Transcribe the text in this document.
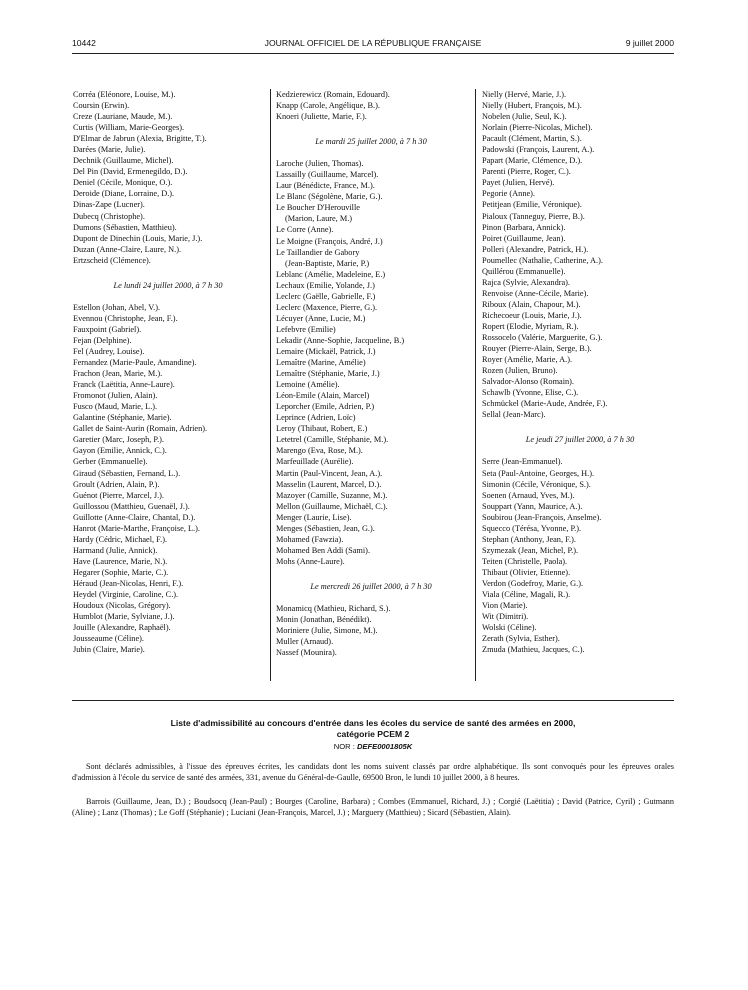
10442	JOURNAL OFFICIEL DE LA RÉPUBLIQUE FRANÇAISE	9 juillet 2000
Corréa (Eléonore, Louise, M.).
Coursin (Erwin).
Creze (Lauriane, Maude, M.).
Curtis (William, Marie-Georges).
D'Elmar de Jabrun (Alexia, Brigitte, T.).
Darées (Marie, Julie).
Dechnik (Guillaume, Michel).
Del Pin (David, Ermenegildo, D.).
Deniel (Cécile, Monique, O.).
Deroide (Diane, Lorraine, D.).
Dinas-Zape (Lucner).
Dubecq (Christophe).
Dumons (Sébastien, Matthieu).
Dupont de Dinechin (Louis, Marie, J.).
Duzan (Anne-Claire, Laure, N.).
Ertzscheid (Clémence).
Le lundi 24 juillet 2000, à 7 h 30
Estellon (Johan, Abel, V.).
Evennou (Christophe, Jean, F.).
Fauxpoint (Gabriel).
Fejan (Delphine).
Fel (Audrey, Louise).
Fernandez (Marie-Paule, Amandine).
Frachon (Jean, Marie, M.).
Franck (Laëtitia, Anne-Laure).
Fromonot (Julien, Alain).
Fusco (Maud, Marie, L.).
Galantine (Stéphanie, Marie).
Gallet de Saint-Aurin (Romain, Adrien).
Garetier (Marc, Joseph, P.).
Gayon (Emilie, Annick, C.).
Gerber (Emmanuelle).
Giraud (Sébastien, Fernand, L.).
Groult (Adrien, Alain, P.).
Guénot (Pierre, Marcel, J.).
Guillossou (Matthieu, Guenaël, J.).
Guillotte (Anne-Claire, Chantal, D.).
Hanrot (Marie-Marthe, Françoise, L.).
Hardy (Cédric, Michael, F.).
Harmand (Julie, Annick).
Have (Laurence, Marie, N.).
Hegarer (Sophie, Marie, C.).
Héraud (Jean-Nicolas, Henri, F.).
Heydel (Virginie, Caroline, C.).
Houdoux (Nicolas, Grégory).
Humblot (Marie, Sylviane, J.).
Jouille (Alexandre, Raphaël).
Jousseaume (Céline).
Jubin (Claire, Marie).
Kedzierewicz (Romain, Edouard).
Knapp (Carole, Angélique, B.).
Knoeri (Juliette, Marie, F.).
Le mardi 25 juillet 2000, à 7 h 30
Laroche (Julien, Thomas).
Lassailly (Guillaume, Marcel).
Laur (Bénédicte, France, M.).
Le Blanc (Ségolène, Marie, G.).
Le Boucher D'Herouville
(Marion, Laure, M.)
Le Corre (Anne).
Le Moigne (François, André, J.)
Le Taillandier de Gabory
(Jean-Baptiste, Marie, P.)
Leblanc (Amélie, Madeleine, E.)
Lechaux (Emilie, Yolande, J.)
Leclerc (Gaëlle, Gabrielle, F.)
Leclerc (Maxence, Pierre, G.).
Lécuyer (Anne, Lucie, M.)
Lefebvre (Emilie)
Lekadir (Anne-Sophie, Jacqueline, B.)
Lemaire (Mickaël, Patrick, J.)
Lemaître (Marine, Amélie)
Lemaître (Stéphanie, Marie, J.)
Lemoine (Amélie).
Léon-Emile (Alain, Marcel)
Leporcher (Emile, Adrien, P.)
Leprince (Adrien, Loïc)
Leroy (Thibaut, Robert, E.)
Letetrel (Camille, Stéphanie, M.).
Marengo (Eva, Rose, M.).
Marfeuillade (Aurélie).
Martin (Paul-Vincent, Jean, A.).
Masselin (Laurent, Marcel, D.).
Mazoyer (Camille, Suzanne, M.).
Mellon (Guillaume, Michaël, C.).
Menger (Laurie, Lise).
Menges (Sébastien, Jean, G.).
Mohamed (Fawzia).
Mohamed Ben Addi (Sami).
Mohs (Anne-Laure).
Le mercredi 26 juillet 2000, à 7 h 30
Monamicq (Mathieu, Richard, S.).
Monin (Jonathan, Bénédikt).
Moriniere (Julie, Simone, M.).
Muller (Arnaud).
Nassef (Mounira).
Nielly (Hervé, Marie, J.).
Nielly (Hubert, François, M.).
Nobelen (Julie, Seul, K.).
Norlain (Pierre-Nicolas, Michel).
Pacault (Clément, Martin, S.).
Padowski (François, Laurent, A.).
Papart (Marie, Clémence, D.).
Parenti (Pierre, Roger, C.).
Payet (Julien, Hervé).
Pegorie (Anne).
Petitjean (Emilie, Véronique).
Pialoux (Tanneguy, Pierre, B.).
Pinon (Barbara, Annick).
Poiret (Guillaume, Jean).
Polleri (Alexandre, Patrick, H.).
Poumellec (Nathalie, Catherine, A.).
Quillérou (Emmanuelle).
Rajca (Sylvie, Alexandra).
Renvoise (Anne-Cécile, Marie).
Riboux (Alain, Chapour, M.).
Richecoeur (Louis, Marie, J.).
Ropert (Elodie, Myriam, R.).
Rossocelo (Valérie, Marguerite, G.).
Rouyer (Pierre-Alain, Serge, B.).
Royer (Amélie, Marie, A.).
Rozen (Julien, Bruno).
Salvador-Alonso (Romain).
Schawlb (Yvonne, Elise, C.).
Schmückel (Marie-Aude, Andrée, F.).
Sellal (Jean-Marc).
Le jeudi 27 juillet 2000, à 7 h 30
Serre (Jean-Emmanuel).
Seta (Paul-Antoine, Georges, H.).
Simonin (Cécile, Véronique, S.).
Soenen (Arnaud, Yves, M.).
Souppart (Yann, Maurice, A.).
Soubirou (Jean-François, Anselme).
Squecco (Térésa, Yvonne, P.).
Stephan (Anthony, Jean, F.).
Szymezak (Jean, Michel, P.).
Teiten (Christelle, Paola).
Thibaut (Olivier, Etienne).
Verdon (Godefroy, Marie, G.).
Viala (Céline, Magali, R.).
Vion (Marie).
Wit (Dimitri).
Wolski (Céline).
Zerath (Sylvia, Esther).
Zmuda (Mathieu, Jacques, C.).
Liste d'admissibilité au concours d'entrée dans les écoles du service de santé des armées en 2000,
catégorie PCEM 2
NOR : DEFE0001805K

Sont déclarés admissibles, à l'issue des épreuves écrites, les candidats dont les noms suivent classés par ordre alphabétique. Ils sont convoqués pour les épreuves orales d'admission à l'école du service de santé des armées, 331, avenue du Général-de-Gaulle, 69500 Bron, le lundi 10 juillet 2000, à 8 heures.

Barrois (Guillaume, Jean, D.) ; Boudsocq (Jean-Paul) ; Bourges (Caroline, Barbara) ; Combes (Emmanuel, Richard, J.) ; Corgié (Laëtitia) ; David (Patrice, Cyril) ; Gutmann (Aline) ; Lanz (Thomas) ; Le Goff (Stéphanie) ; Luciani (Jean-François, Marcel, J.) ; Marguery (Matthieu) ; Sicard (Sébastien, Alain).
